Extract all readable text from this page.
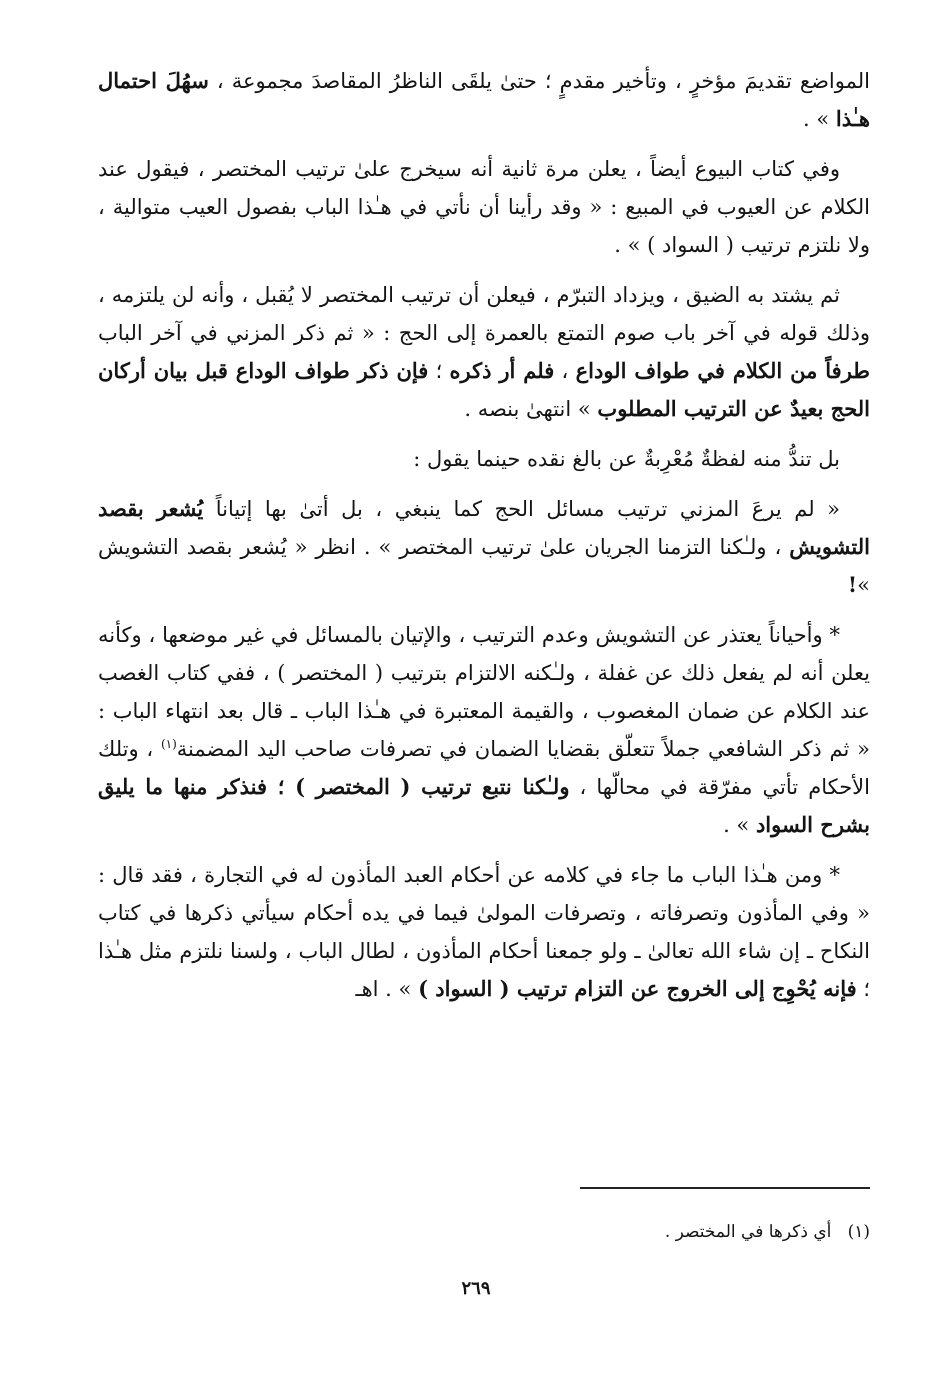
المواضع تقديمَ مؤخرٍ ، وتأخير مقدمٍ ؛ حتىٰ يلقَى الناظرُ المقاصدَ مجموعة ، سهُلَ احتمال هـٰذا » .

وفي كتاب البيوع أيضاً ، يعلن مرة ثانية أنه سيخرج علىٰ ترتيب المختصر ، فيقول عند الكلام عن العيوب في المبيع : « وقد رأينا أن نأتي في هـٰذا الباب بفصول العيب متوالية ، ولا نلتزم ترتيب ( السواد ) » .

ثم يشتد به الضيق ، ويزداد التبرّم ، فيعلن أن ترتيب المختصر لا يُقبل ، وأنه لن يلتزمه ، وذلك قوله في آخر باب صوم التمتع بالعمرة إلى الحج : « ثم ذكر المزني في آخر الباب طرفاً من الكلام في طواف الوداع ، فلم أر ذكره ؛ فإن ذكر طواف الوداع قبل بيان أركان الحج بعيدٌ عن الترتيب المطلوب » انتهىٰ بنصه .

بل تندُّ منه لفظةٌ مُعْرِبةٌ عن بالغ نقده حينما يقول :

« لم يرعَ المزني ترتيب مسائل الحج كما ينبغي ، بل أتىٰ بها إتياناً يُشعر بقصد التشويش ، ولـٰكنا التزمنا الجريان علىٰ ترتيب المختصر » . انظر « يُشعر بقصد التشويش »!

* وأحياناً يعتذر عن التشويش وعدم الترتيب ، والإتيان بالمسائل في غير موضعها ، وكأنه يعلن أنه لم يفعل ذلك عن غفلة ، ولـٰكنه الالتزام بترتيب ( المختصر ) ، ففي كتاب الغصب عند الكلام عن ضمان المغصوب ، والقيمة المعتبرة في هـٰذا الباب ـ قال بعد انتهاء الباب : « ثم ذكر الشافعي جملاً تتعلّق بقضايا الضمان في تصرفات صاحب اليد المضمنة$^{(١)}$ ، وتلك الأحكام تأتي مفرّقة في محالّها ، ولـٰكنا نتبع ترتيب ( المختصر ) ؛ فنذكر منها ما يليق بشرح السواد » .

* ومن هـٰذا الباب ما جاء في كلامه عن أحكام العبد المأذون له في التجارة ، فقد قال : « وفي المأذون وتصرفاته ، وتصرفات المولىٰ فيما في يده أحكام سيأتي ذكرها في كتاب النكاح ـ إن شاء الله تعالىٰ ـ ولو جمعنا أحكام المأذون ، لطال الباب ، ولسنا نلتزم مثل هـٰذا ؛ فإنه يُحْوِج إلى الخروج عن التزام ترتيب ( السواد ) » . اهـ

(١)   أي ذكرها في المختصر .
٢٦٩
